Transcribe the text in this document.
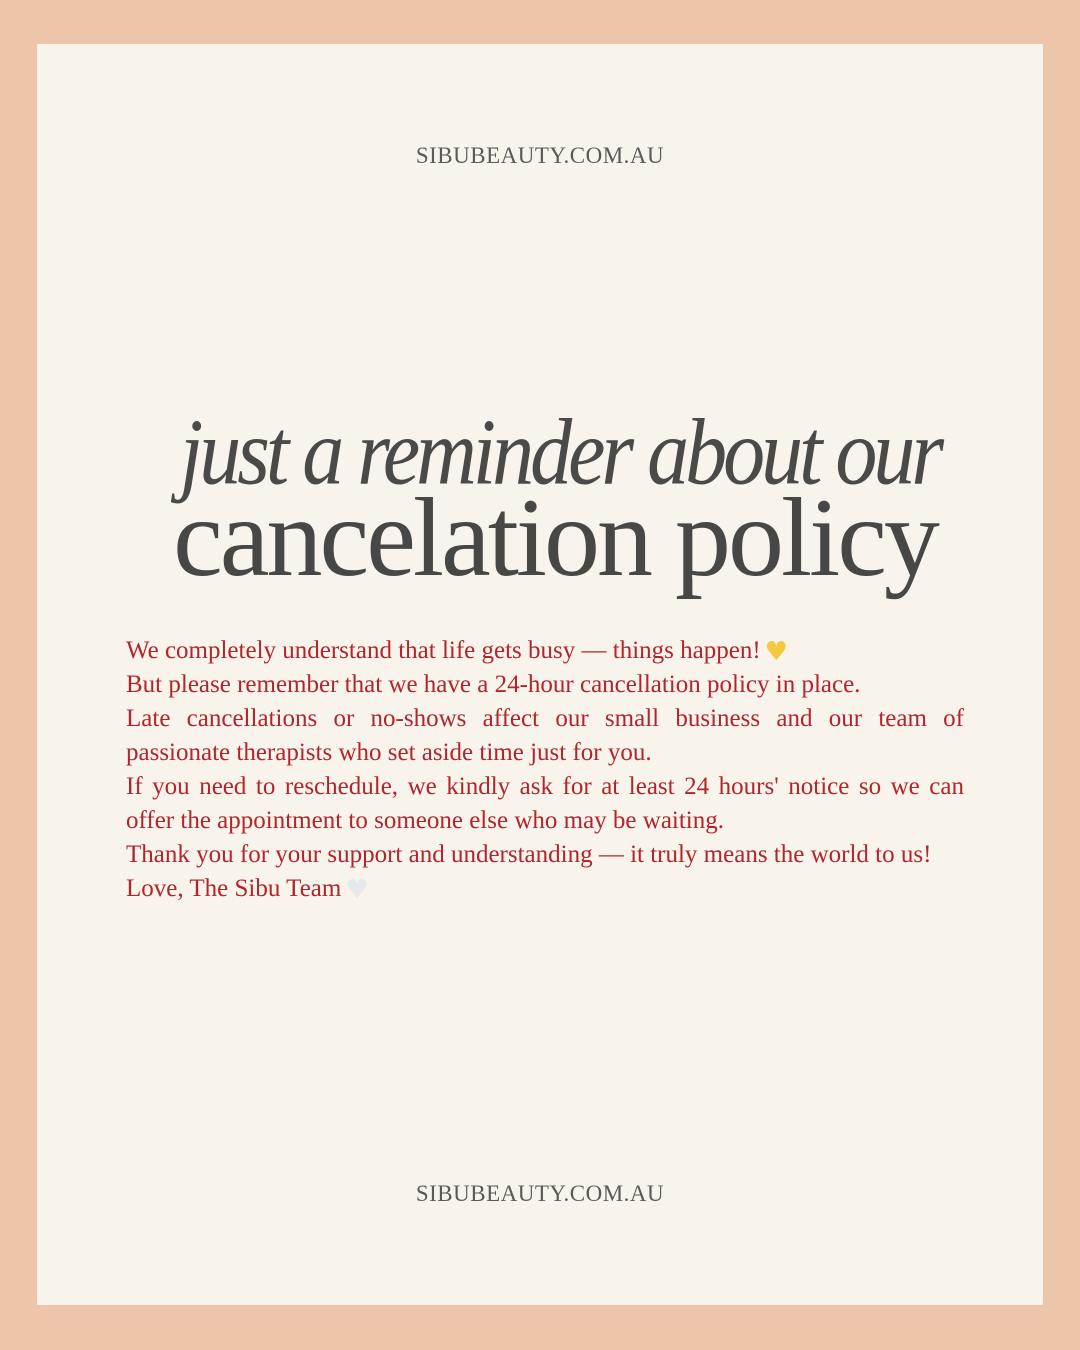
SIBUBEAUTY.COM.AU
just a reminder about our
cancelation policy

We completely understand that life gets busy — things happen! ♥

But please remember that we have a 24-hour cancellation policy in place.

Late cancellations or no-shows affect our small business and our team of passionate therapists who set aside time just for you.

If you need to reschedule, we kindly ask for at least 24 hours' notice so we can offer the appointment to someone else who may be waiting.

Thank you for your support and understanding — it truly means the world to us!

Love, The Sibu Team ♥

SIBUBEAUTY.COM.AU
